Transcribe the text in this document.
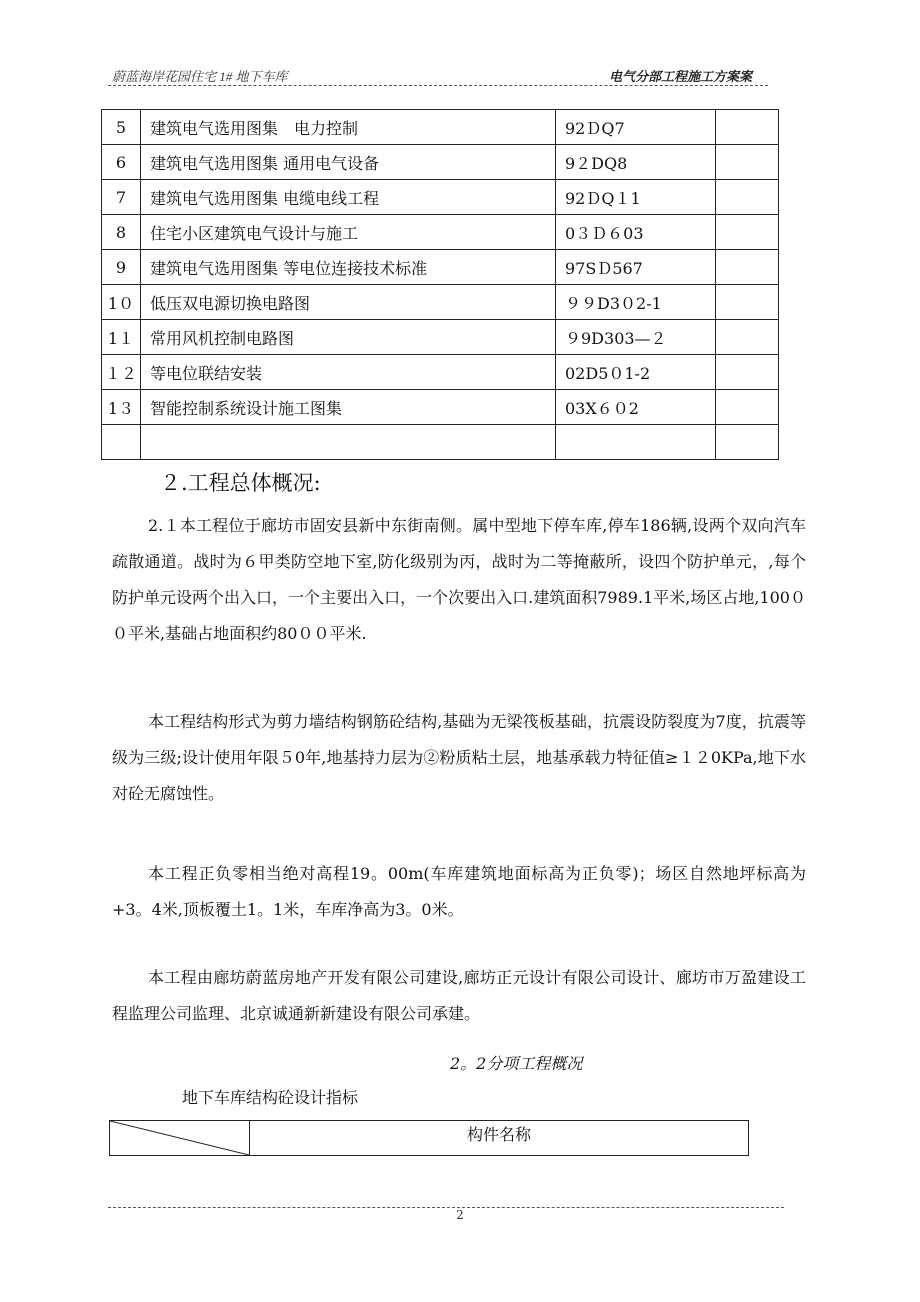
蔚蓝海岸花园住宅 1# 地下车库	电气分部工程施工方案案
5	建筑电气选用图集　电力控制	92ＤQ7	
6	建筑电气选用图集 通用电气设备	9２DQ8	
7	建筑电气选用图集 电缆电线工程	92ＤQ１1	
8	住宅小区建筑电气设计与施工	0３Ｄ６03	
9	建筑电气选用图集 等电位连接技术标准	97SＤ567	
1０	低压双电源切换电路图	９９D3０2-1	
1１	常用风机控制电路图	９9D303—２	
１２	等电位联结安装	02D5０1-2	
1３	智能控制系统设计施工图集	03X６０2	

２.工程总体概况:

2.１本工程位于廊坊市固安县新中东街南侧。属中型地下停车库,停车186辆,设两个双向汽车疏散通道。战时为６甲类防空地下室,防化级别为丙，战时为二等掩蔽所，设四个防护单元，,每个防护单元设两个出入口，一个主要出入口，一个次要出入口.建筑面积7989.1平米,场区占地,100００平米,基础占地面积约80００平米.

本工程结构形式为剪力墙结构钢筋砼结构,基础为无梁筏板基础，抗震设防裂度为7度，抗震等级为三级;设计使用年限５0年,地基持力层为②粉质粘土层，地基承载力特征值≥１２0KPa,地下水对砼无腐蚀性。

本工程正负零相当绝对高程19。00m(车库建筑地面标高为正负零)；场区自然地坪标高为+3。4米,顶板覆土1。1米，车库净高为3。0米。

本工程由廊坊蔚蓝房地产开发有限公司建设,廊坊正元设计有限公司设计、廊坊市万盈建设工程监理公司监理、北京诚通新新建设有限公司承建。

2。2分项工程概况
地下车库结构砼设计指标
构件名称
2
